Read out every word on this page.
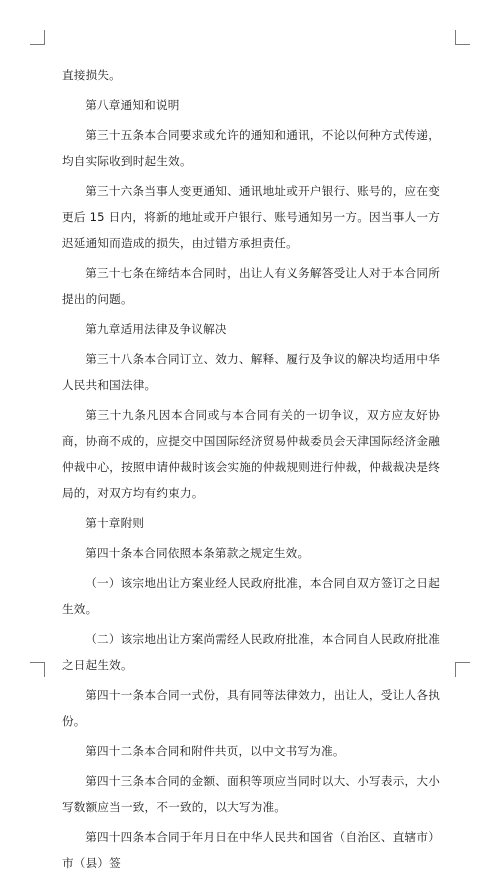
直接损失。

第八章通知和说明

第三十五条本合同要求或允许的通知和通讯，不论以何种方式传递，均自实际收到时起生效。

第三十六条当事人变更通知、通讯地址或开户银行、账号的，应在变更后 15 日内，将新的地址或开户银行、账号通知另一方。因当事人一方迟延通知而造成的损失，由过错方承担责任。

第三十七条在缔结本合同时，出让人有义务解答受让人对于本合同所提出的问题。

第九章适用法律及争议解决

第三十八条本合同订立、效力、解释、履行及争议的解决均适用中华人民共和国法律。

第三十九条凡因本合同或与本合同有关的一切争议，双方应友好协商，协商不成的，应提交中国国际经济贸易仲裁委员会天津国际经济金融仲裁中心，按照申请仲裁时该会实施的仲裁规则进行仲裁，仲裁裁决是终局的，对双方均有约束力。

第十章附则

第四十条本合同依照本条第款之规定生效。

（一）该宗地出让方案业经人民政府批准，本合同自双方签订之日起生效。

（二）该宗地出让方案尚需经人民政府批准，本合同自人民政府批准之日起生效。

第四十一条本合同一式份，具有同等法律效力，出让人，受让人各执份。

第四十二条本合同和附件共页，以中文书写为准。

第四十三条本合同的金额、面积等项应当同时以大、小写表示，大小写数额应当一致，不一致的，以大写为准。

第四十四条本合同于年月日在中华人民共和国省（自治区、直辖市）市（县）签
